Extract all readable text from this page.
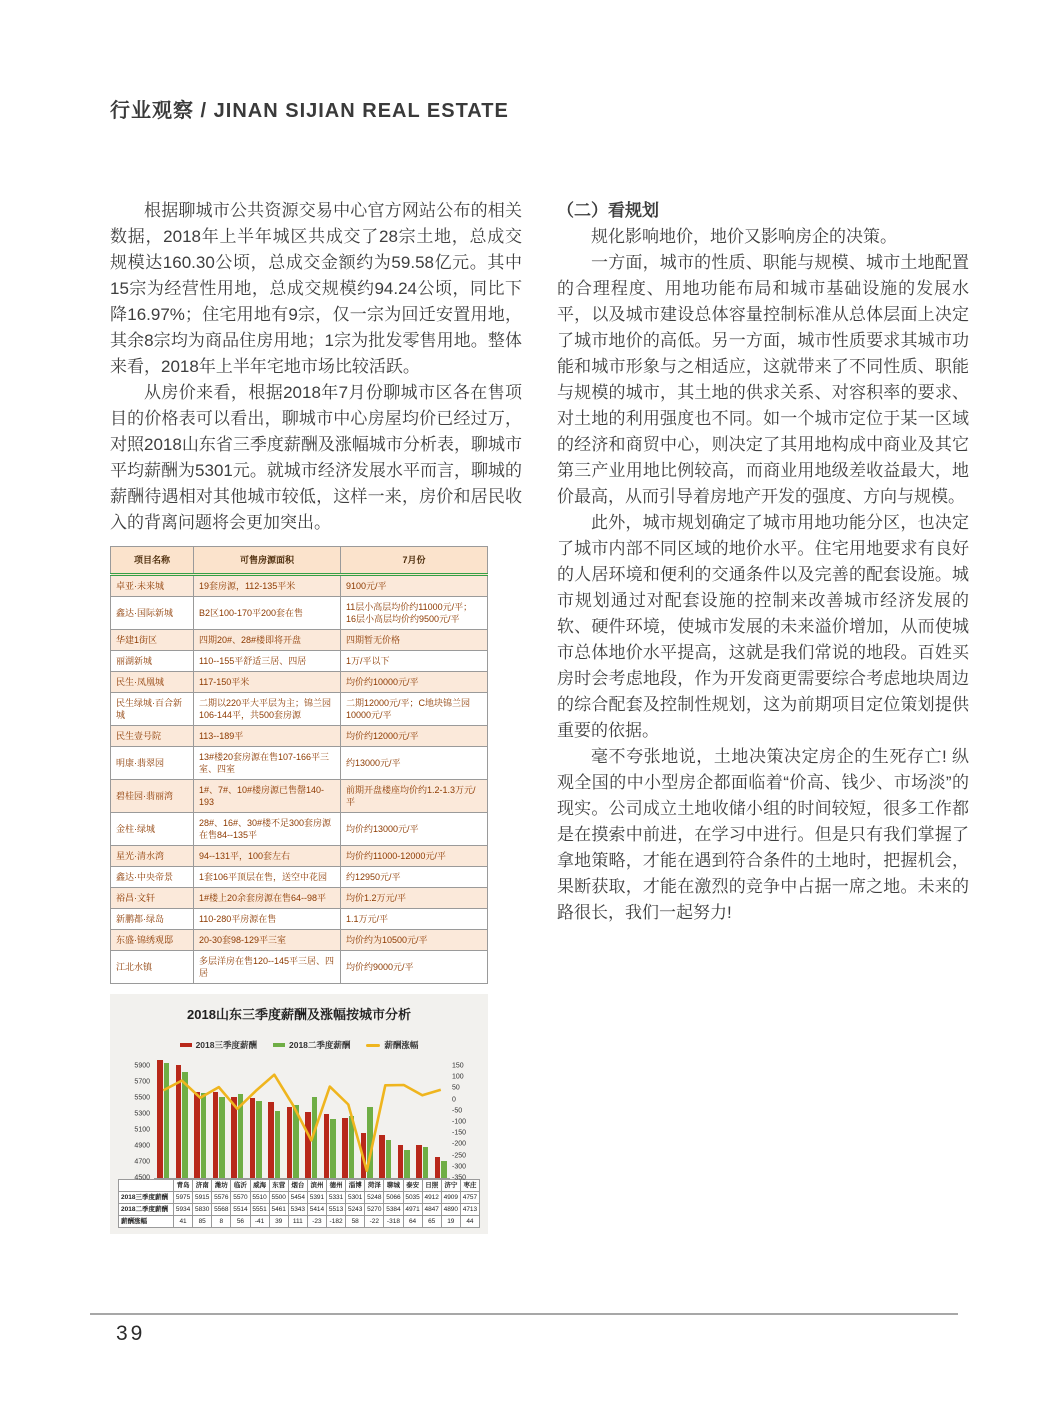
行业观察 / JINAN SIJIAN REAL ESTATE

根据聊城市公共资源交易中心官方网站公布的相关数据，2018年上半年城区共成交了28宗土地，总成交规模达160.30公顷，总成交金额约为59.58亿元。其中15宗为经营性用地，总成交规模约94.24公顷，同比下降16.97%；住宅用地有9宗，仅一宗为回迁安置用地，其余8宗均为商品住房用地；1宗为批发零售用地。整体来看，2018年上半年宅地市场比较活跃。

从房价来看，根据2018年7月份聊城市区各在售项目的价格表可以看出，聊城市中心房屋均价已经过万，对照2018山东省三季度薪酬及涨幅城市分析表，聊城市平均薪酬为5301元。就城市经济发展水平而言，聊城的薪酬待遇相对其他城市较低，这样一来，房价和居民收入的背离问题将会更加突出。

项目名称	可售房源面积	7月份
卓亚·未来城	19套房源，112-135平米	9100元/平
鑫达·国际新城	B2区100-170平200套在售	11层小高层均价约11000元/平；16层小高层均价约9500元/平
华建1街区	四期20#、28#楼即将开盘	四期暂无价格
丽湖新城	110--155平舒适三居、四居	1万/平以下
民生·凤凰城	117-150平米	均价约10000元/平
民生绿城·百合新城	二期以220平大平层为主；锦兰园106-144平，共500套房源	二期12000元/平；C地块锦兰园10000元/平
民生壹号院	113--189平	均价约12000元/平
明康·翡翠园	13#楼20套房源在售107-166平三室、四室	约13000元/平
碧桂园·翡丽湾	1#、7#、10#楼房源已售罄140-193	前期开盘楼座均价约1.2-1.3万元/平
金柱·绿城	28#、16#、30#楼不足300套房源在售84--135平	均价约13000元/平
星光·清水湾	94--131平，100套左右	均价约11000-12000元/平
鑫达·中央帝景	1套106平顶层在售，送空中花园	约12950元/平
裕昌·文轩	1#楼上20余套房源在售64--98平	均价1.2万元/平
新鹏都·绿岛	110-280平房源在售	1.1万元/平
东盛·锦绣观邸	20-30套98-129平三室	均价约为10500元/平
江北水镇	多层洋房在售120--145平三居、四居	均价约9000元/平
2018山东三季度薪酬及涨幅按城市分析
2018三季度薪酬	2018二季度薪酬	薪酬涨幅
5900
5700
5500
5300
5100
4900
4700
4500
150
100
50
0
-50
-100
-150
-200
-250
-300
-350
	青岛	济南	潍坊	临沂	威海	东营	烟台	滨州	德州	淄博	菏泽	聊城	泰安	日照	济宁	枣庄
2018三季度薪酬	5975	5915	5576	5570	5510	5500	5454	5391	5331	5301	5248	5066	5035	4912	4909	4757
2018二季度薪酬	5934	5830	5568	5514	5551	5461	5343	5414	5513	5243	5270	5384	4971	4847	4890	4713
薪酬涨幅	41	85	8	56	-41	39	111	-23	-182	58	-22	-318	64	65	19	44

（二）看规划

规化影响地价，地价又影响房企的决策。

一方面，城市的性质、职能与规模、城市土地配置的合理程度、用地功能布局和城市基础设施的发展水平，以及城市建设总体容量控制标准从总体层面上决定了城市地价的高低。另一方面，城市性质要求其城市功能和城市形象与之相适应，这就带来了不同性质、职能与规模的城市，其土地的供求关系、对容积率的要求、对土地的利用强度也不同。如一个城市定位于某一区域的经济和商贸中心，则决定了其用地构成中商业及其它第三产业用地比例较高，而商业用地级差收益最大，地价最高，从而引导着房地产开发的强度、方向与规模。

此外，城市规划确定了城市用地功能分区，也决定了城市内部不同区域的地价水平。住宅用地要求有良好的人居环境和便利的交通条件以及完善的配套设施。城市规划通过对配套设施的控制来改善城市经济发展的软、硬件环境，使城市发展的未来溢价增加，从而使城市总体地价水平提高，这就是我们常说的地段。百姓买房时会考虑地段，作为开发商更需要综合考虑地块周边的综合配套及控制性规划，这为前期项目定位策划提供重要的依据。

毫不夸张地说，土地决策决定房企的生死存亡! 纵观全国的中小型房企都面临着“价高、钱少、市场淡”的现实。公司成立土地收储小组的时间较短，很多工作都是在摸索中前进，在学习中进行。但是只有我们掌握了拿地策略，才能在遇到符合条件的土地时，把握机会，果断获取，才能在激烈的竞争中占据一席之地。未来的路很长，我们一起努力!

39
